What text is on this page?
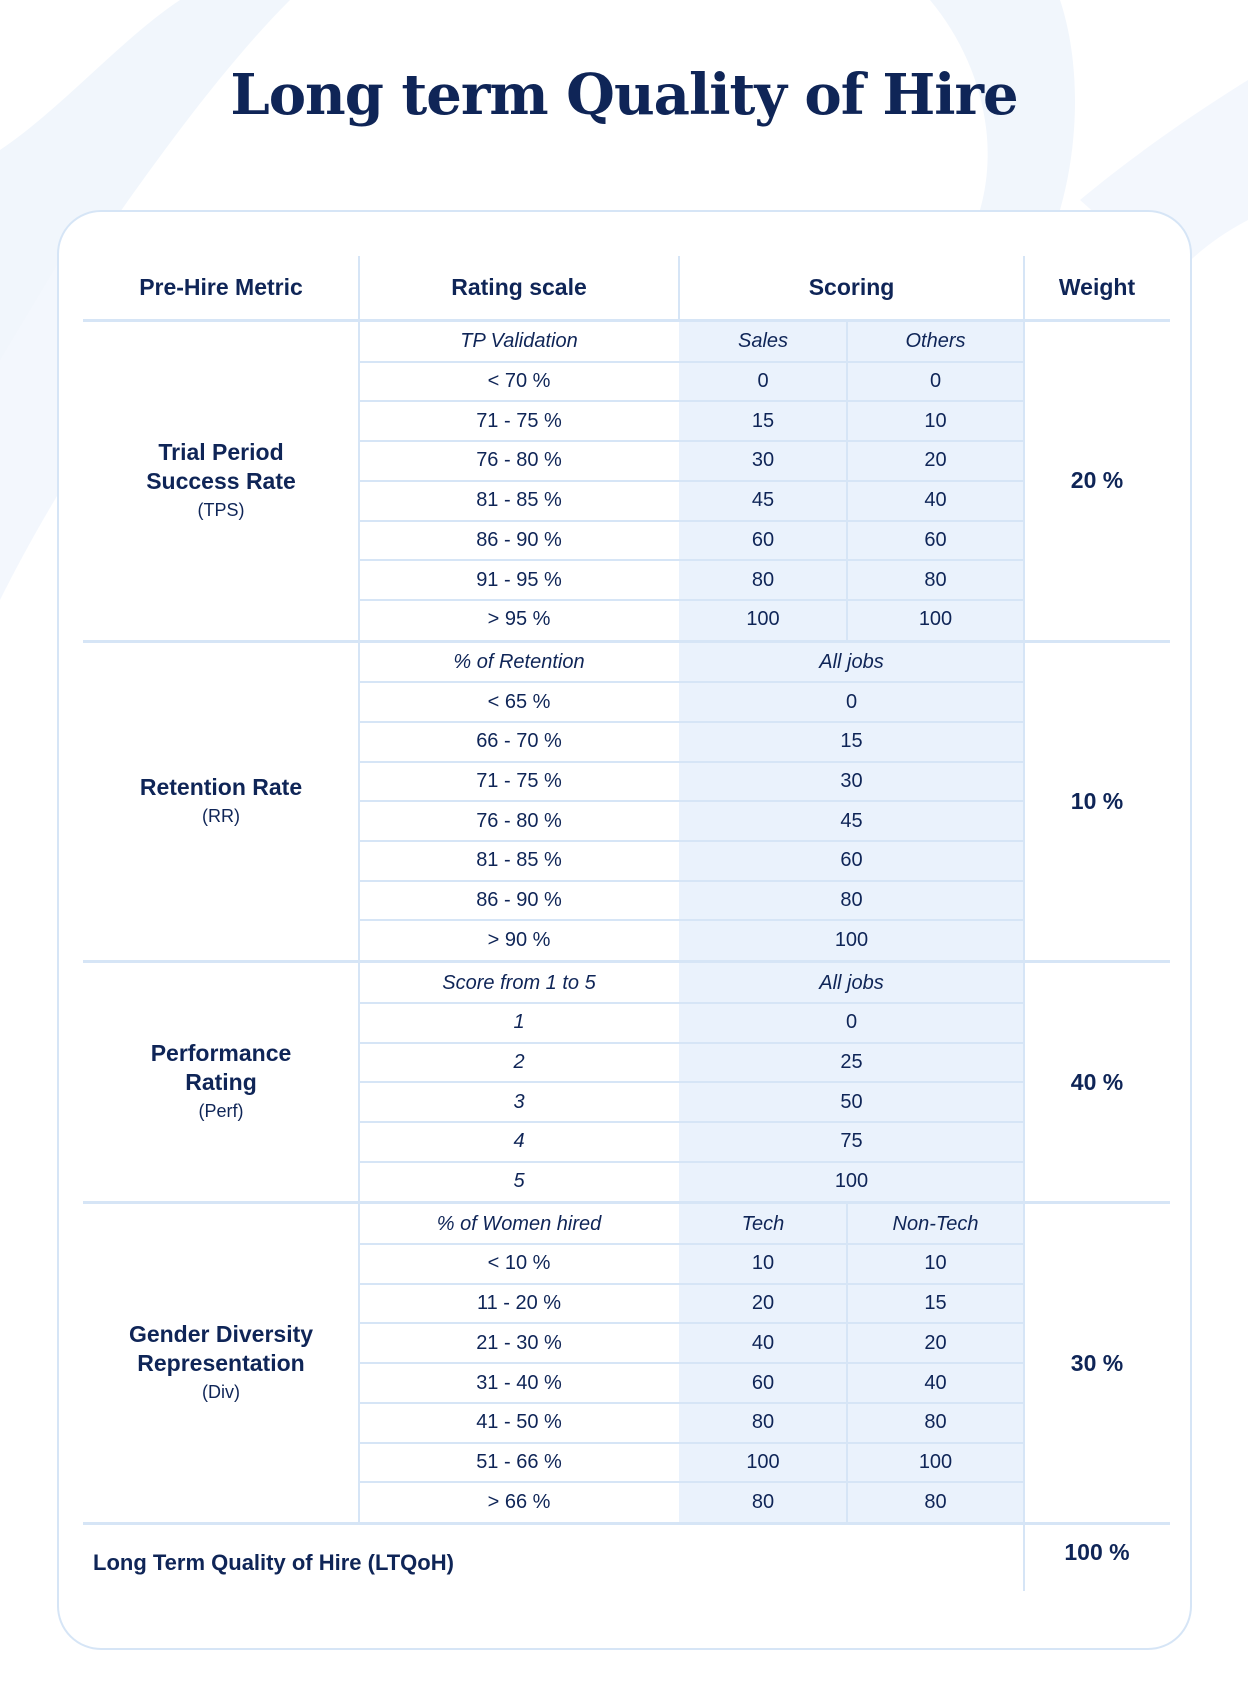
Long term Quality of Hire
Pre-Hire Metric	Rating scale	Scoring	Weight
Trial Period
Success Rate
(TPS)
20 %
TP Validation	Sales	Others
< 70 %	0	0
71 - 75 %	15	10
76 - 80 %	30	20
81 - 85 %	45	40
86 - 90 %	60	60
91 - 95 %	80	80
> 95 %	100	100
Retention Rate
(RR)
10 %
% of Retention	All jobs
< 65 %	0
66 - 70 %	15
71 - 75 %	30
76 - 80 %	45
81 - 85 %	60
86 - 90 %	80
> 90 %	100
Performance
Rating
(Perf)
40 %
Score from 1 to 5	All jobs
1	0
2	25
3	50
4	75
5	100
Gender Diversity
Representation
(Div)
30 %
% of Women hired	Tech	Non-Tech
< 10 %	10	10
11 - 20 %	20	15
21 - 30 %	40	20
31 - 40 %	60	40
41 - 50 %	80	80
51 - 66 %	100	100
> 66 %	80	80
Long Term Quality of Hire (LTQoH)	100 %
